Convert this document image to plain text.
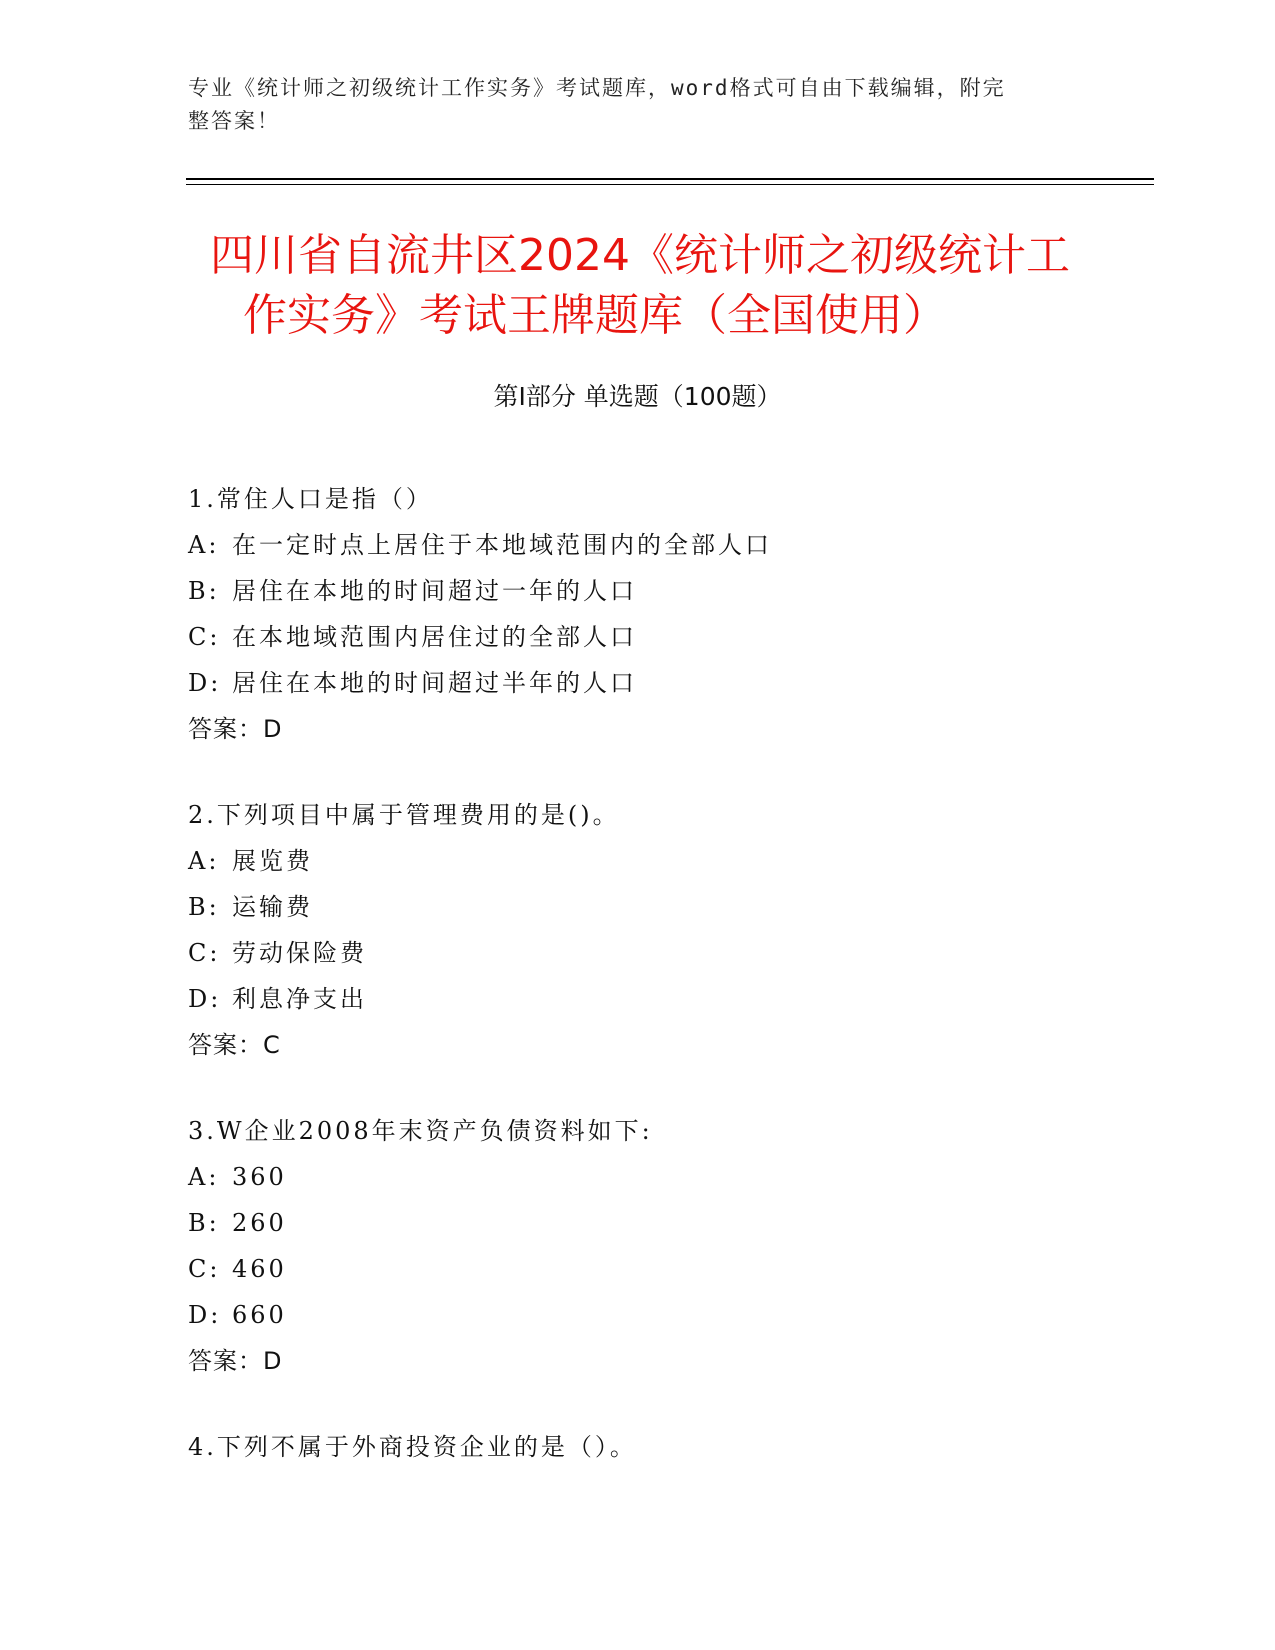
专业《统计师之初级统计工作实务》考试题库，word格式可自由下载编辑，附完
整答案！
四川省自流井区2024《统计师之初级统计工
作实务》考试王牌题库（全国使用）
第Ⅰ部分 单选题（100题）
1.常住人口是指（）
A: 在一定时点上居住于本地域范围内的全部人口
B: 居住在本地的时间超过一年的人口
C: 在本地域范围内居住过的全部人口
D: 居住在本地的时间超过半年的人口
答案：D
2.下列项目中属于管理费用的是()。
A: 展览费
B: 运输费
C: 劳动保险费
D: 利息净支出
答案：C
3.W企业2008年末资产负债资料如下:
A: 360
B: 260
C: 460
D: 660
答案：D
4.下列不属于外商投资企业的是（）。
